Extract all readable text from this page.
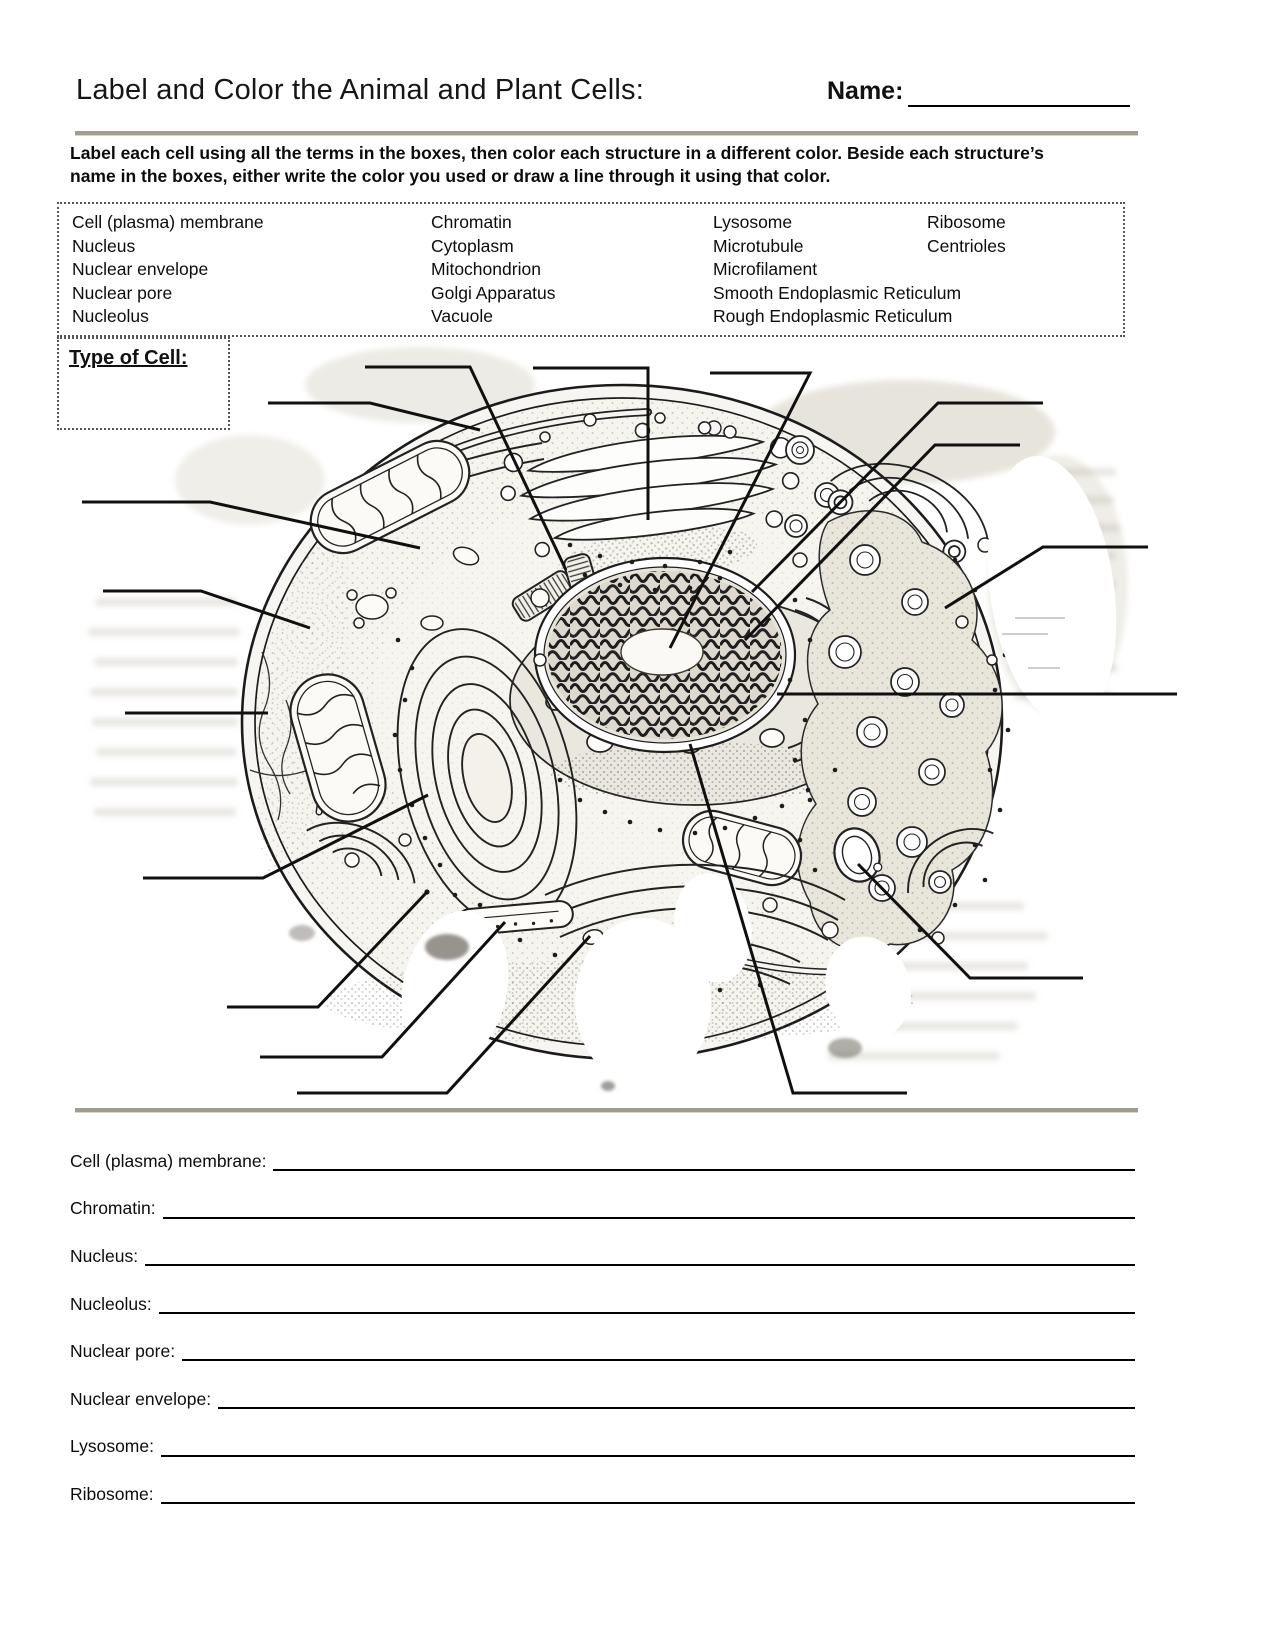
Label and Color the Animal and Plant Cells:	Name:
Label each cell using all the terms in the boxes, then color each structure in a different color. Beside each structure’s name in the boxes, either write the color you used or draw a line through it using that color.
Cell (plasma) membrane
Nucleus
Nuclear envelope
Nuclear pore
Nucleolus
Chromatin
Cytoplasm
Mitochondrion
Golgi Apparatus
Vacuole
Lysosome
Microtubule
Microfilament
Smooth Endoplasmic Reticulum
Rough Endoplasmic Reticulum
Ribosome
Centrioles
Type of Cell:
Cell (plasma) membrane:
Chromatin:
Nucleus:
Nucleolus:
Nuclear pore:
Nuclear envelope:
Lysosome:
Ribosome:
